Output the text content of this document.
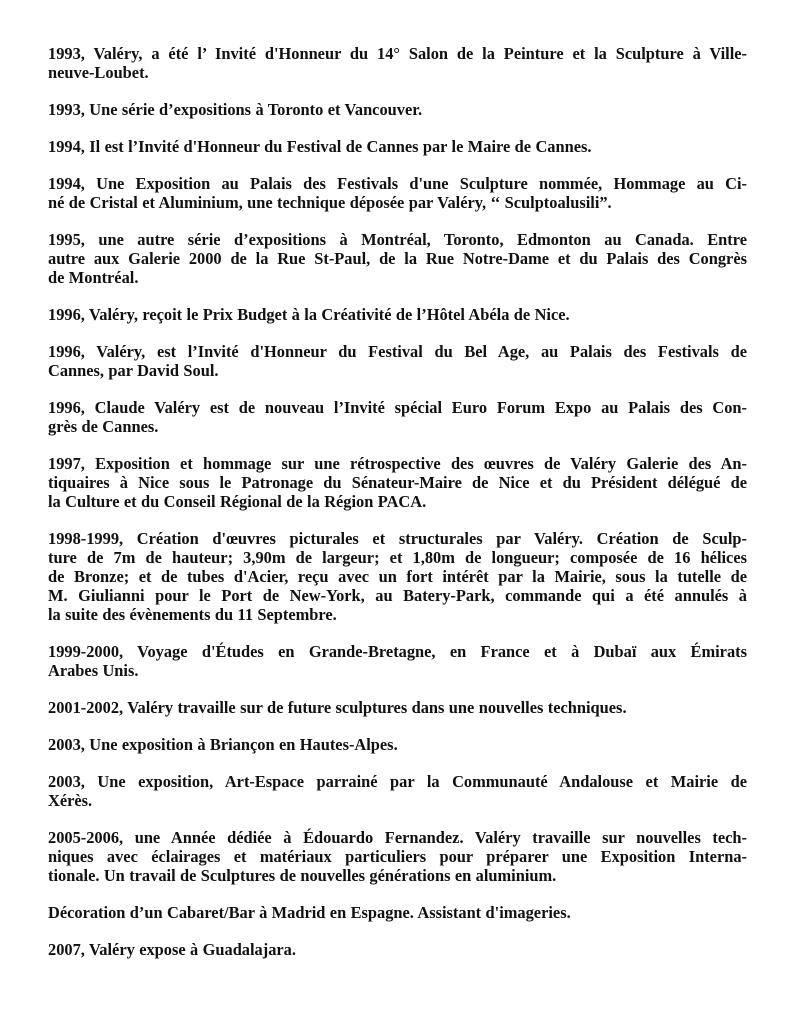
1993, Valéry, a été l’ Invité d'Honneur du 14° Salon de la Peinture et la Sculpture à Ville-
neuve-Loubet.

1993, Une série d’expositions à Toronto et Vancouver.

1994, Il est l’Invité d'Honneur du Festival de Cannes par le Maire de Cannes.

1994, Une Exposition au Palais des Festivals d'une Sculpture nommée, Hommage au Ci-
né de Cristal et Aluminium, une technique déposée par Valéry, ‘‘ Sculptoalusili”.

1995, une autre série d’expositions à Montréal, Toronto, Edmonton au Canada. Entre
autre aux Galerie 2000 de la Rue St-Paul, de la Rue Notre-Dame et du Palais des Congrès
de Montréal.

1996, Valéry, reçoit le Prix Budget à la Créativité de l’Hôtel Abéla de Nice.

1996, Valéry, est l’Invité d'Honneur du Festival du Bel Age, au Palais des Festivals de
Cannes, par David Soul.

1996, Claude Valéry est de nouveau l’Invité spécial Euro Forum Expo au Palais des Con-
grès de Cannes.

1997, Exposition et hommage sur une rétrospective des œuvres de Valéry Galerie des An-
tiquaires à Nice sous le Patronage du Sénateur-Maire de Nice et du Président délégué de
la Culture et du Conseil Régional de la Région PACA.

1998-1999, Création d'œuvres picturales et structurales par Valéry. Création de Sculp-
ture de 7m de hauteur; 3,90m de largeur; et 1,80m de longueur; composée de 16 hélices
de Bronze; et de tubes d'Acier, reçu avec un fort intérêt par la Mairie, sous la tutelle de
M. Giulianni pour le Port de New-York, au Batery-Park, commande qui a été annulés à
la suite des évènements du 11 Septembre.

1999-2000, Voyage d'Études en Grande-Bretagne, en France et à Dubaï aux Émirats
Arabes Unis.

2001-2002, Valéry travaille sur de future sculptures dans une nouvelles techniques.

2003, Une exposition à Briançon en Hautes-Alpes.

2003, Une exposition, Art-Espace parrainé par la Communauté Andalouse et Mairie de
Xérès.

2005-2006, une Année dédiée à Édouardo Fernandez. Valéry travaille sur nouvelles tech-
niques avec éclairages et matériaux particuliers pour préparer une Exposition Interna-
tionale. Un travail de Sculptures de nouvelles générations en aluminium.

Décoration d’un Cabaret/Bar à Madrid en Espagne. Assistant d'imageries.

2007, Valéry expose à Guadalajara.
